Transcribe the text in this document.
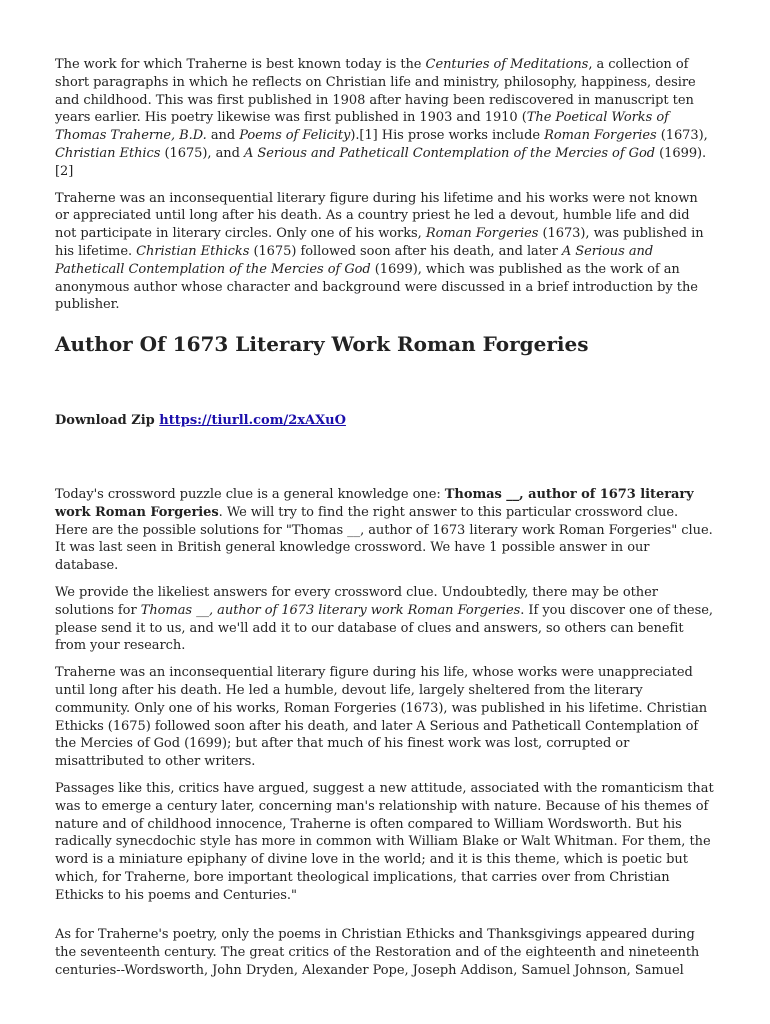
The work for which Traherne is best known today is the Centuries of Meditations, a collection of short paragraphs in which he reflects on Christian life and ministry, philosophy, happiness, desire and childhood. This was first published in 1908 after having been rediscovered in manuscript ten years earlier. His poetry likewise was first published in 1903 and 1910 (The Poetical Works of Thomas Traherne, B.D. and Poems of Felicity).[1] His prose works include Roman Forgeries (1673), Christian Ethics (1675), and A Serious and Patheticall Contemplation of the Mercies of God (1699).[2]

Traherne was an inconsequential literary figure during his lifetime and his works were not known or appreciated until long after his death. As a country priest he led a devout, humble life and did not participate in literary circles. Only one of his works, Roman Forgeries (1673), was published in his lifetime. Christian Ethicks (1675) followed soon after his death, and later A Serious and Patheticall Contemplation of the Mercies of God (1699), which was published as the work of an anonymous author whose character and background were discussed in a brief introduction by the publisher.

Author Of 1673 Literary Work Roman Forgeries
Download Zip https://tiurll.com/2xAXuO

Today's crossword puzzle clue is a general knowledge one: Thomas __, author of 1673 literary work Roman Forgeries. We will try to find the right answer to this particular crossword clue. Here are the possible solutions for "Thomas __, author of 1673 literary work Roman Forgeries" clue. It was last seen in British general knowledge crossword. We have 1 possible answer in our database.

We provide the likeliest answers for every crossword clue. Undoubtedly, there may be other solutions for Thomas __, author of 1673 literary work Roman Forgeries. If you discover one of these, please send it to us, and we'll add it to our database of clues and answers, so others can benefit from your research.

Traherne was an inconsequential literary figure during his life, whose works were unappreciated until long after his death. He led a humble, devout life, largely sheltered from the literary community. Only one of his works, Roman Forgeries (1673), was published in his lifetime. Christian Ethicks (1675) followed soon after his death, and later A Serious and Patheticall Contemplation of the Mercies of God (1699); but after that much of his finest work was lost, corrupted or misattributed to other writers.

Passages like this, critics have argued, suggest a new attitude, associated with the romanticism that was to emerge a century later, concerning man's relationship with nature. Because of his themes of nature and of childhood innocence, Traherne is often compared to William Wordsworth. But his radically synecdochic style has more in common with William Blake or Walt Whitman. For them, the word is a miniature epiphany of divine love in the world; and it is this theme, which is poetic but which, for Traherne, bore important theological implications, that carries over from Christian Ethicks to his poems and Centuries."

As for Traherne's poetry, only the poems in Christian Ethicks and Thanksgivings appeared during the seventeenth century. The great critics of the Restoration and of the eighteenth and nineteenth centuries--Wordsworth, John Dryden, Alexander Pope, Joseph Addison, Samuel Johnson, Samuel
